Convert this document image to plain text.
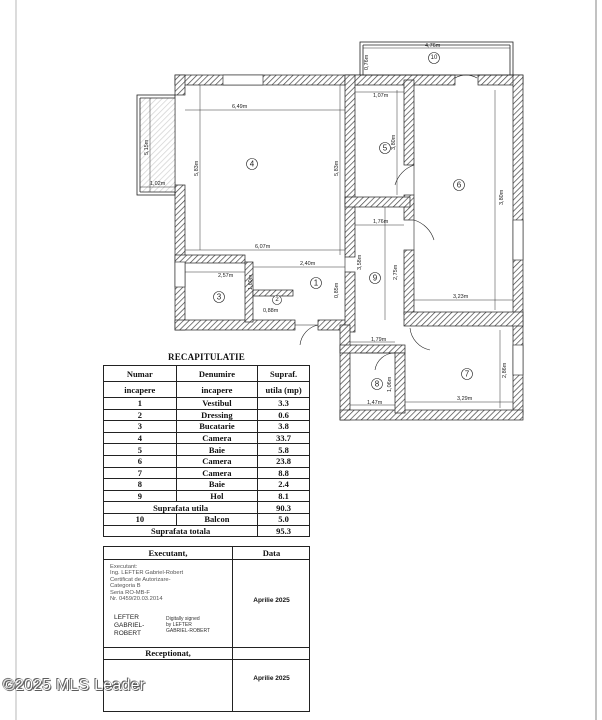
1
2
3
4
5
6
7
8
9
10
6,49m
6,07m
5,83m	5,83m
5,15m
1,02m
2,57m
2,40m
1,60m
0,85m
0,88m
4,76m
1,07m
3,80m
3,80m
1,76m
3,58m
2,75m
3,23m
1,79m
1,47m
3,29m
2,86m
1,06m
0,76m
RECAPITULATIE
Numar	Denumire	Supraf.
incapere	incapere	utila (mp)
1	Vestibul	3.3
2	Dressing	0.6
3	Bucatarie	3.8
4	Camera	33.7
5	Baie	5.8
6	Camera	23.8
7	Camera	8.8
8	Baie	2.4
9	Hol	8.1
Suprafata utila		90.3
10	Balcon	5.0
Suprafata totala		95.3
Executant,	Data
Executant:
Ing. LEFTER Gabriel-Robert
Certificat de Autorizare-
Categoria B
Seria RO-MB-F
Nr. 0459/20.03.2014
LEFTER
GABRIEL-
ROBERT
Digitally signed
by LEFTER
GABRIEL-ROBERT
Aprilie 2025
Receptionat,
Aprilie 2025
©2025 MLS Leader
